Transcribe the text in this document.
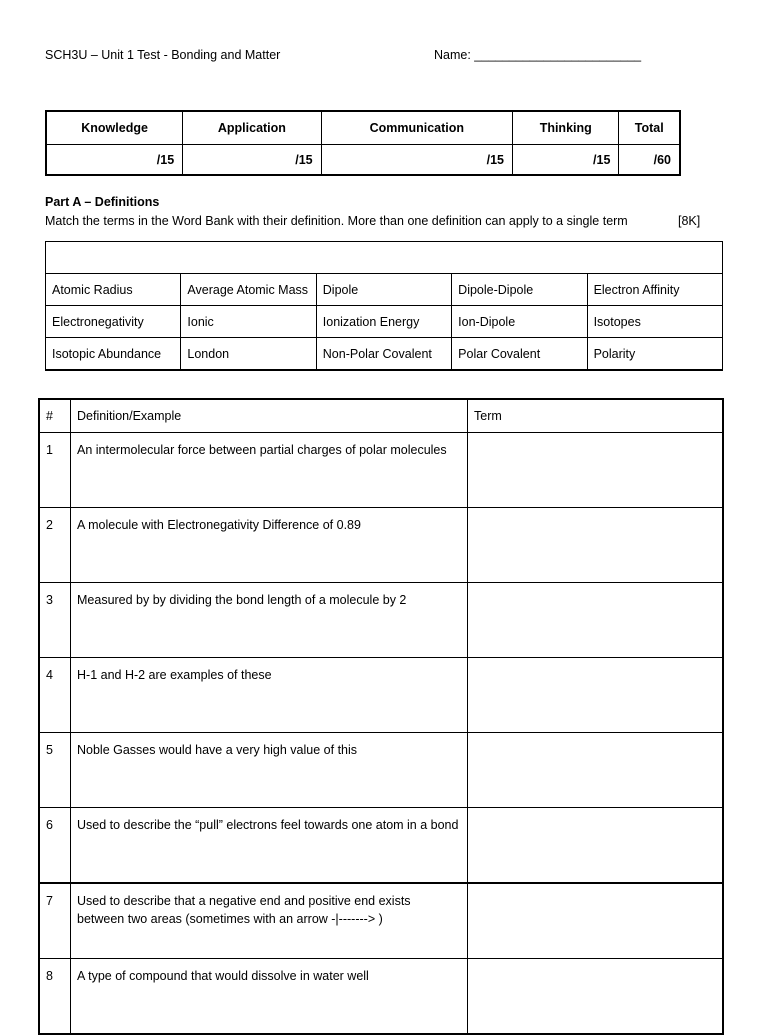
SCH3U – Unit 1 Test - Bonding and Matter	Name: ________________________
Knowledge	Application	Communication	Thinking	Total
/15	/15	/15	/15	/60
Part A – Definitions
Match the terms in the Word Bank with their definition. More than one definition can apply to a single term	[8K]

Atomic Radius	Average Atomic Mass	Dipole	Dipole-Dipole	Electron Affinity
Electronegativity	Ionic	Ionization Energy	Ion-Dipole	Isotopes
Isotopic Abundance	London	Non-Polar Covalent	Polar Covalent	Polarity
#	Definition/Example	Term
1	An intermolecular force between partial charges of polar molecules	
2	A molecule with Electronegativity Difference of 0.89	
3	Measured by by dividing the bond length of a molecule by 2	
4	H-1 and H-2 are examples of these	
5	Noble Gasses would have a very high value of this	
6	Used to describe the “pull” electrons feel towards one atom in a bond	
7	Used to describe that a negative end and positive end exists between two areas (sometimes with an arrow -|-------> )	
8	A type of compound that would dissolve in water well	
